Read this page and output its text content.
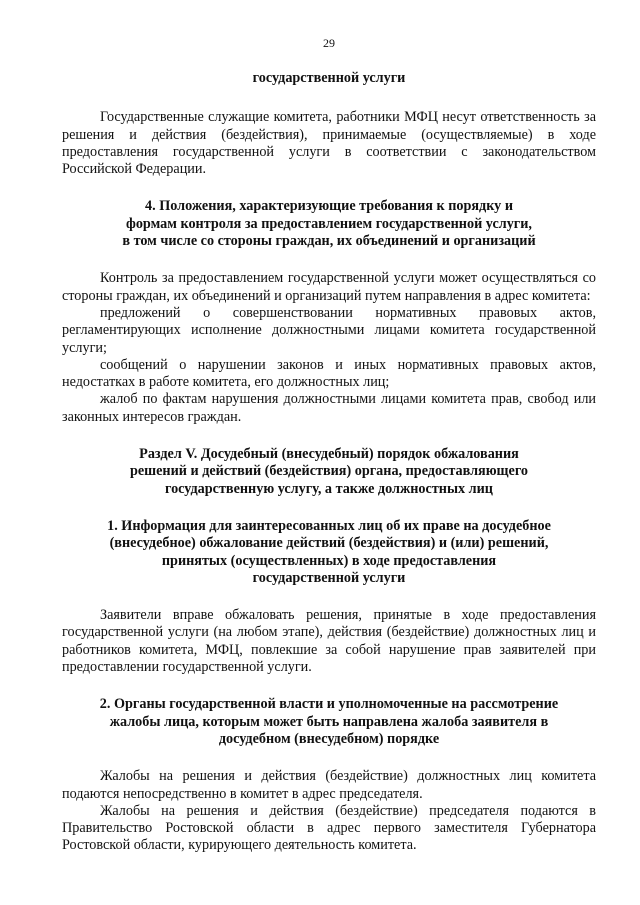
29
государственной услуги

Государственные служащие комитета, работники МФЦ несут ответственность за решения и действия (бездействия), принимаемые (осуществляемые) в ходе предоставления государственной услуги в соответствии с законодательством Российской Федерации.

4. Положения, характеризующие требования к порядку и
формам контроля за предоставлением государственной услуги,
в том числе со стороны граждан, их объединений и организаций

Контроль за предоставлением государственной услуги может осуществляться со стороны граждан, их объединений и организаций путем направления в адрес комитета:

предложений о совершенствовании нормативных правовых актов, регламентирующих исполнение должностными лицами комитета государственной услуги;

сообщений о нарушении законов и иных нормативных правовых актов, недостатках в работе комитета, его должностных лиц;

жалоб по фактам нарушения должностными лицами комитета прав, свобод или законных интересов граждан.

Раздел V. Досудебный (внесудебный) порядок обжалования
решений и действий (бездействия) органа, предоставляющего
государственную услугу, а также должностных лиц
1. Информация для заинтересованных лиц об их праве на досудебное
(внесудебное) обжалование действий (бездействия) и (или) решений,
принятых (осуществленных) в ходе предоставления
государственной услуги

Заявители вправе обжаловать решения, принятые в ходе предоставления государственной услуги (на любом этапе), действия (бездействие) должностных лиц и работников комитета, МФЦ, повлекшие за собой нарушение прав заявителей при предоставлении государственной услуги.

2. Органы государственной власти и уполномоченные на рассмотрение
жалобы лица, которым может быть направлена жалоба заявителя в
досудебном (внесудебном) порядке

Жалобы на решения и действия (бездействие) должностных лиц комитета подаются непосредственно в комитет в адрес председателя.

Жалобы на решения и действия (бездействие) председателя подаются в Правительство Ростовской области в адрес первого заместителя Губернатора Ростовской области, курирующего деятельность комитета.
